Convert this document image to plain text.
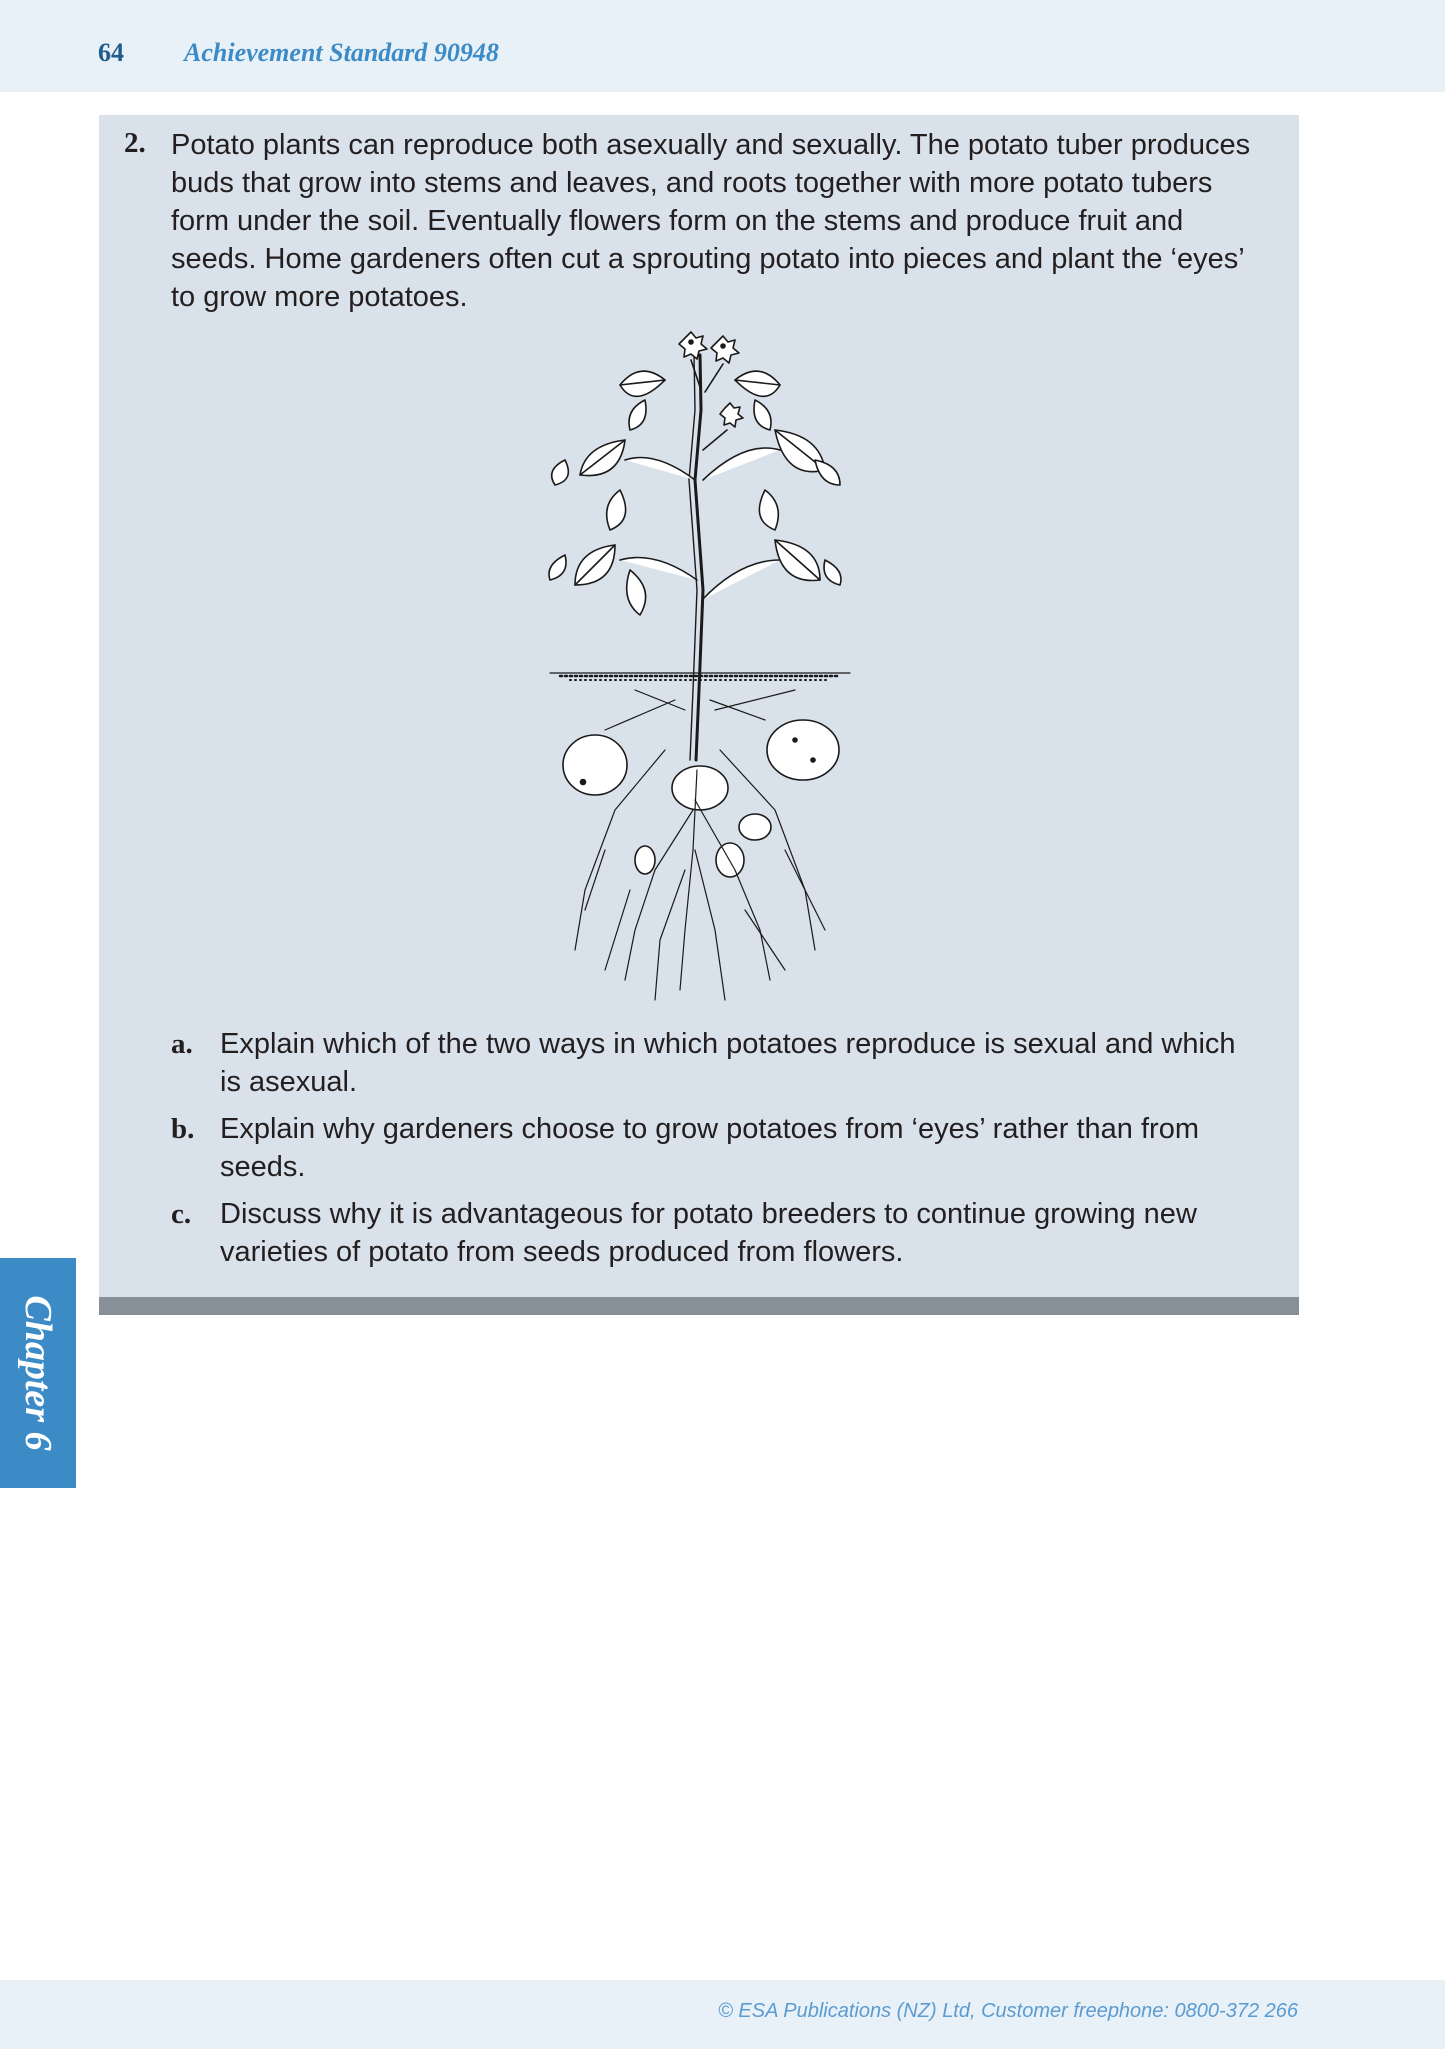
64 Achievement Standard 90948
2. Potato plants can reproduce both asexually and sexually. The potato tuber produces buds that grow into stems and leaves, and roots together with more potato tubers form under the soil. Eventually flowers form on the stems and produce fruit and seeds. Home gardeners often cut a sprouting potato into pieces and plant the ‘eyes’ to grow more potatoes.

a. Explain which of the two ways in which potatoes reproduce is sexual and which is asexual.

b. Explain why gardeners choose to grow potatoes from ‘eyes’ rather than from seeds.

c. Discuss why it is advantageous for potato breeders to continue growing new varieties of potato from seeds produced from flowers.

Chapter 6
© ESA Publications (NZ) Ltd, Customer freephone: 0800-372 266
